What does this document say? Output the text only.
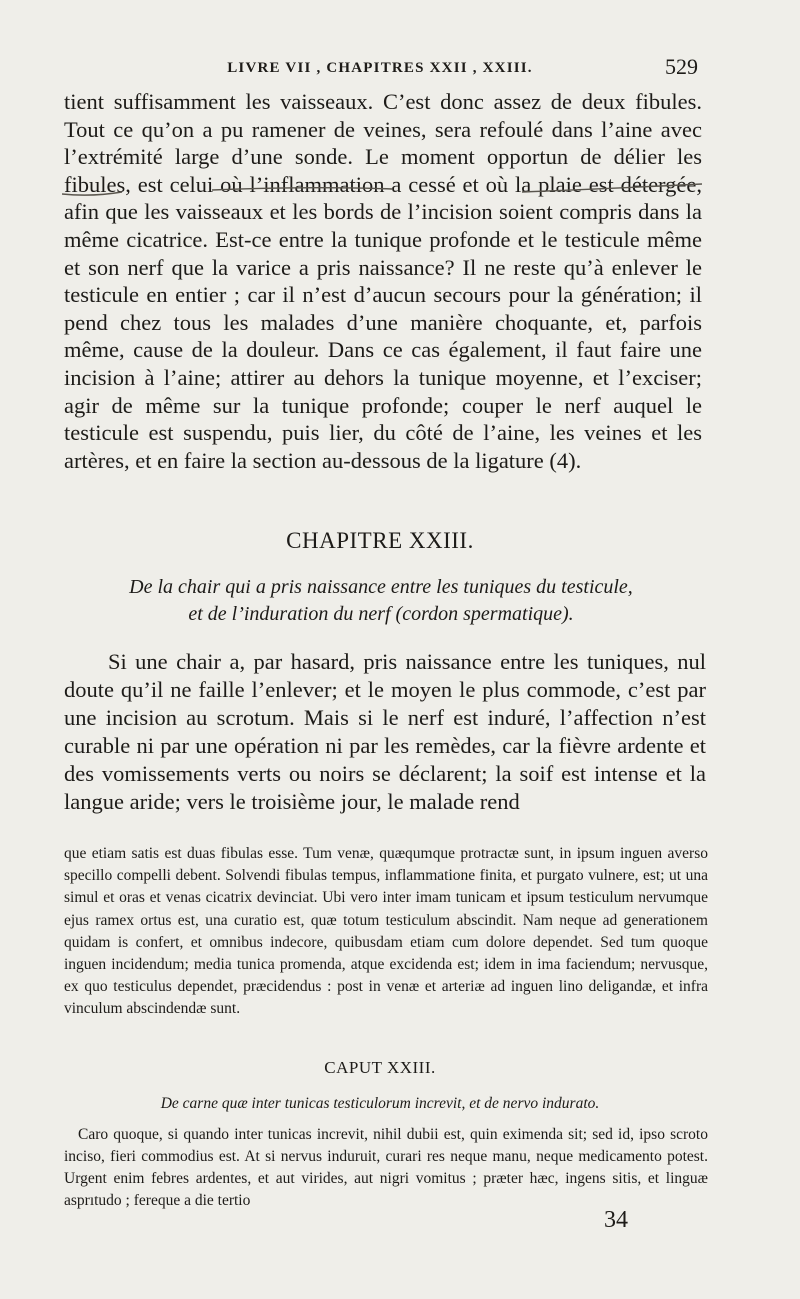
LIVRE VII , CHAPITRES XXII , XXIII.	529

tient suffisamment les vaisseaux. C’est donc assez de deux fibules. Tout ce qu’on a pu ramener de veines, sera refoulé dans l’aine avec l’extrémité large d’une sonde. Le moment opportun de délier les fibules, est celui où l’inflammation a cessé et où la plaie est détergée, afin que les vaisseaux et les bords de l’incision soient compris dans la même cicatrice. Est-ce entre la tunique profonde et le testicule même et son nerf que la varice a pris naissance? Il ne reste qu’à enlever le testicule en entier ; car il n’est d’aucun secours pour la génération; il pend chez tous les malades d’une manière choquante, et, parfois même, cause de la douleur. Dans ce cas également, il faut faire une incision à l’aine; attirer au dehors la tunique moyenne, et l’exciser; agir de même sur la tunique profonde; couper le nerf auquel le testicule est suspendu, puis lier, du côté de l’aine, les veines et les artères, et en faire la section au-dessous de la ligature (4).

CHAPITRE XXIII.
De la chair qui a pris naissance entre les tuniques du testicule,
et de l’induration du nerf (cordon spermatique).

Si une chair a, par hasard, pris naissance entre les tuniques, nul doute qu’il ne faille l’enlever; et le moyen le plus commode, c’est par une incision au scrotum. Mais si le nerf est induré, l’affection n’est curable ni par une opération ni par les remèdes, car la fièvre ardente et des vomissements verts ou noirs se déclarent; la soif est intense et la langue aride; vers le troisième jour, le malade rend

que etiam satis est duas fibulas esse. Tum venæ, quæqumque protractæ sunt, in ipsum inguen averso specillo compelli debent. Solvendi fibulas tempus, inflammatione finita, et purgato vulnere, est; ut una simul et oras et venas cicatrix devinciat. Ubi vero inter imam tunicam et ipsum testiculum nervumque ejus ramex ortus est, una curatio est, quæ totum testiculum abscindit. Nam neque ad generationem quidam is confert, et omnibus indecore, quibusdam etiam cum dolore dependet. Sed tum quoque inguen incidendum; media tunica promenda, atque excidenda est; idem in ima faciendum; nervusque, ex quo testiculus dependet, præcidendus : post in venæ et arteriæ ad inguen lino deligandæ, et infra vinculum abscindendæ sunt.

CAPUT XXIII.
De carne quæ inter tunicas testiculorum increvit, et de nervo indurato.

Caro quoque, si quando inter tunicas increvit, nihil dubii est, quin eximenda sit; sed id, ipso scroto inciso, fieri commodius est. At si nervus induruit, curari res neque manu, neque medicamento potest. Urgent enim febres ardentes, et aut virides, aut nigri vomitus ; præter hæc, ingens sitis, et linguæ asprıtudo ; fereque a die tertio

34
